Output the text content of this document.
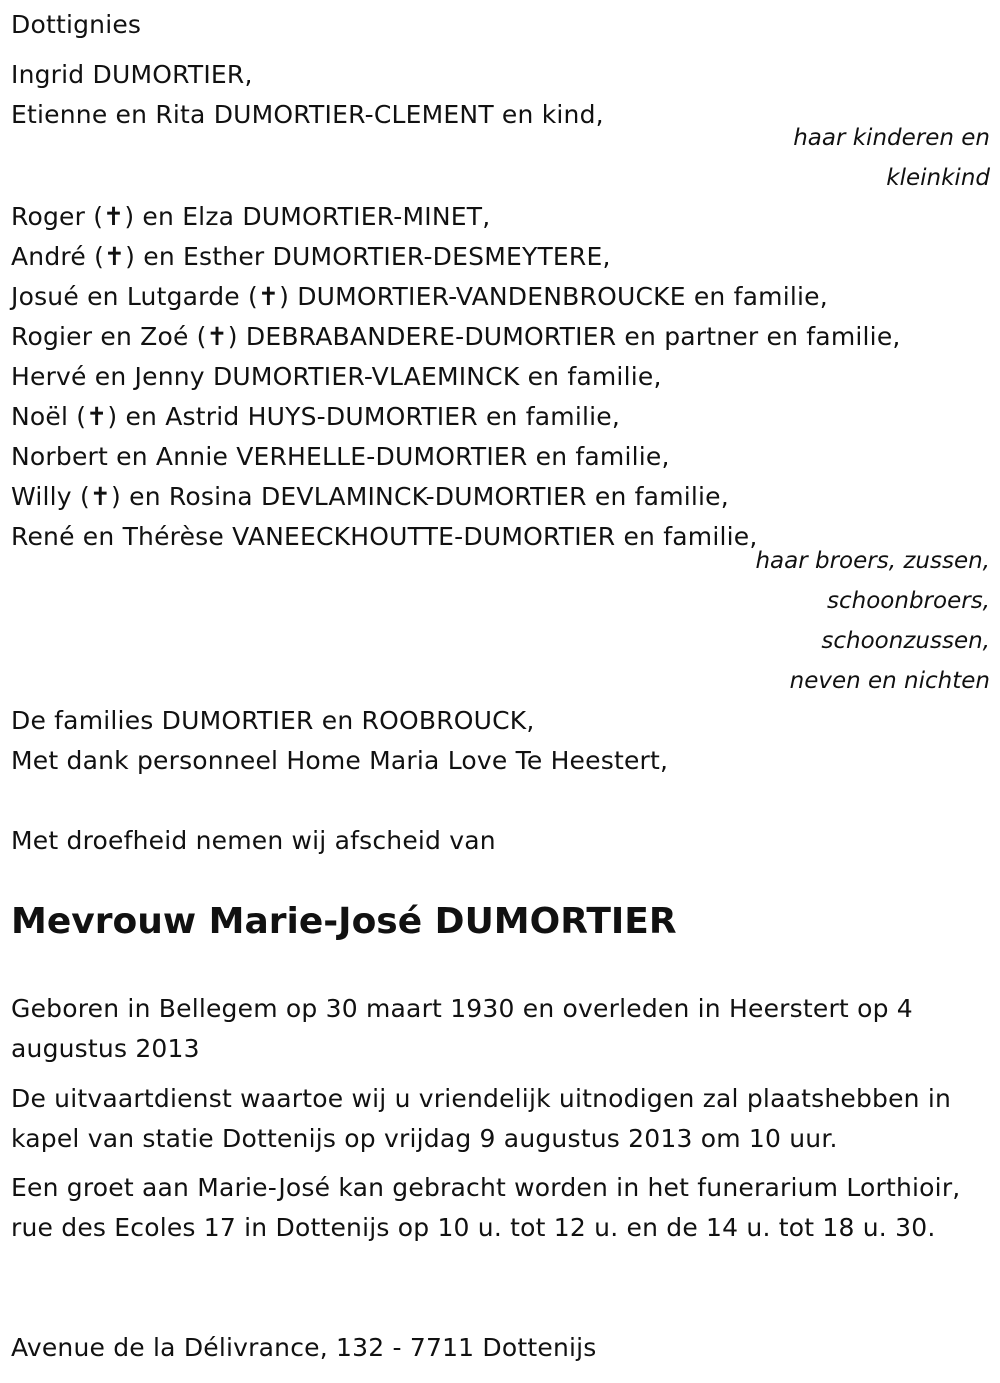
Dottignies
Ingrid DUMORTIER,
Etienne en Rita DUMORTIER-CLEMENT en kind,
haar kinderen en
kleinkind
Roger (✝) en Elza DUMORTIER-MINET,
André (✝) en Esther DUMORTIER-DESMEYTERE,
Josué en Lutgarde (✝) DUMORTIER-VANDENBROUCKE en familie,
Rogier en Zoé (✝) DEBRABANDERE-DUMORTIER en partner en familie,
Hervé en Jenny DUMORTIER-VLAEMINCK en familie,
Noël (✝) en Astrid HUYS-DUMORTIER en familie,
Norbert en Annie VERHELLE-DUMORTIER en familie,
Willy (✝) en Rosina DEVLAMINCK-DUMORTIER en familie,
René en Thérèse VANEECKHOUTTE-DUMORTIER en familie,
haar broers, zussen,
schoonbroers,
schoonzussen,
neven en nichten
De families DUMORTIER en ROOBROUCK,
Met dank personneel Home Maria Love Te Heestert,
Met droefheid nemen wij afscheid van
Mevrouw Marie-José DUMORTIER
Geboren in Bellegem op 30 maart 1930 en overleden in Heerstert op 4 augustus 2013
De uitvaartdienst waartoe wij u vriendelijk uitnodigen zal plaatshebben in kapel van statie Dottenijs op vrijdag 9 augustus 2013 om 10 uur.
Een groet aan Marie-José kan gebracht worden in het funerarium Lorthioir, rue des Ecoles 17 in Dottenijs op 10 u. tot 12 u. en de 14 u. tot 18 u. 30.
Avenue de la Délivrance, 132 - 7711 Dottenijs
